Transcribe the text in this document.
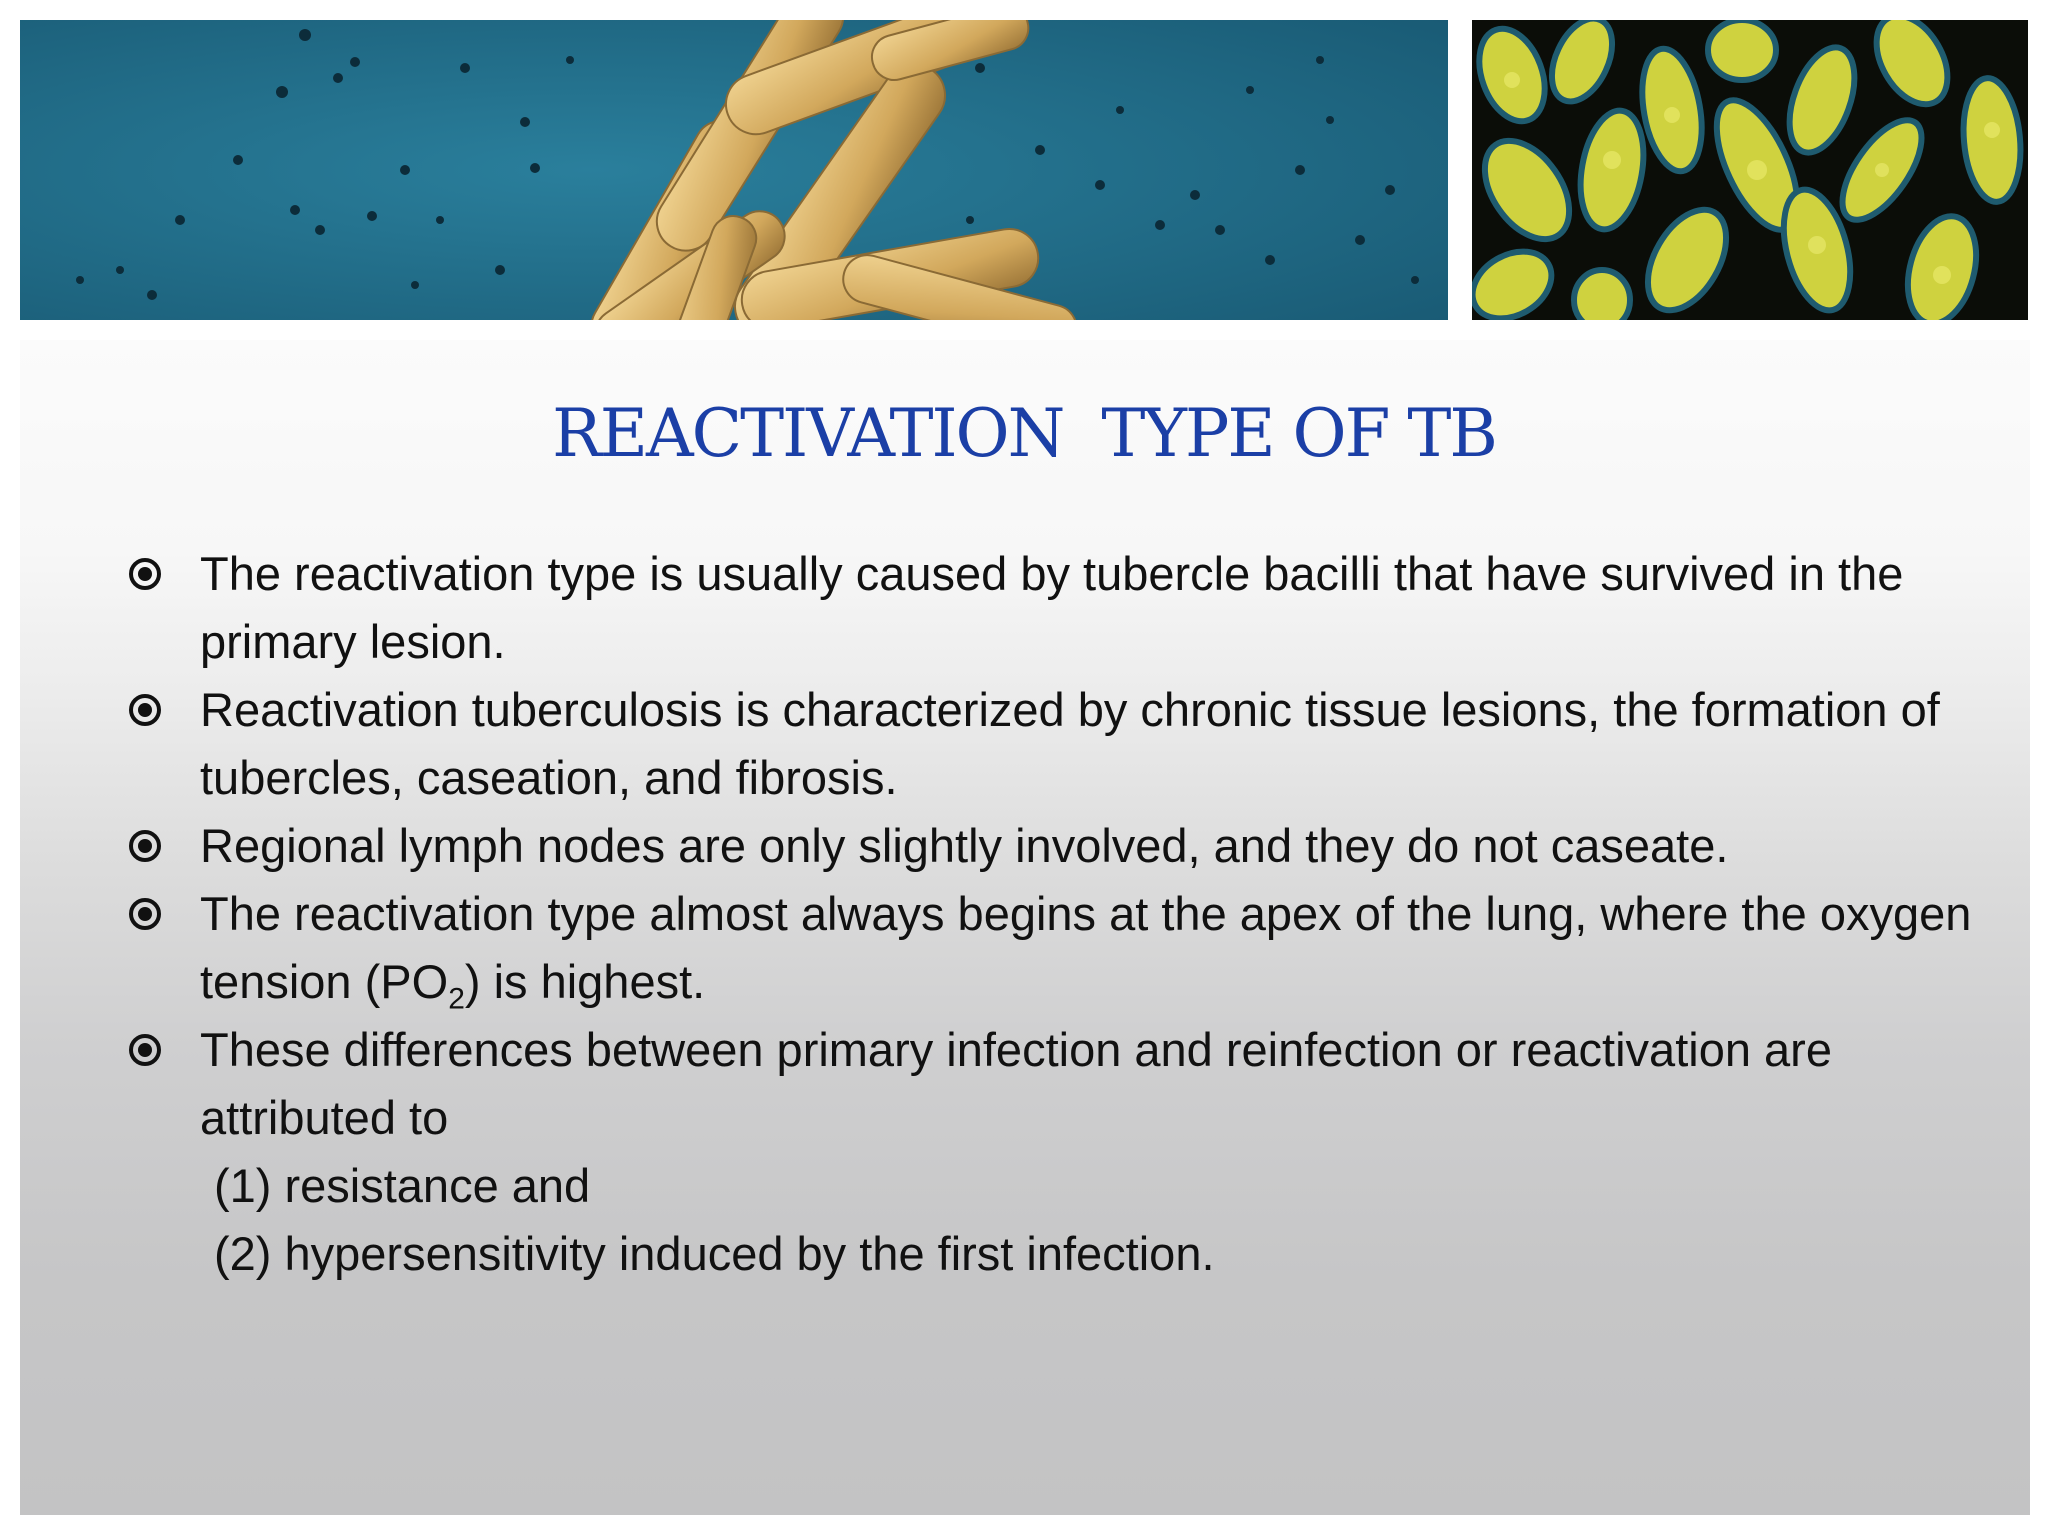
REACTIVATION  TYPE OF TB
The reactivation type is usually caused by tubercle bacilli that have survived in the primary lesion.
Reactivation tuberculosis is characterized by chronic tissue lesions, the formation of tubercles, caseation, and fibrosis.
Regional lymph nodes are only slightly involved, and they do not caseate.
The reactivation type almost always begins at the apex of the lung, where the oxygen tension $(PO_2)$ is highest.
These differences between primary infection and reinfection or reactivation are attributed to
(1) resistance and
(2) hypersensitivity induced by the first infection.
